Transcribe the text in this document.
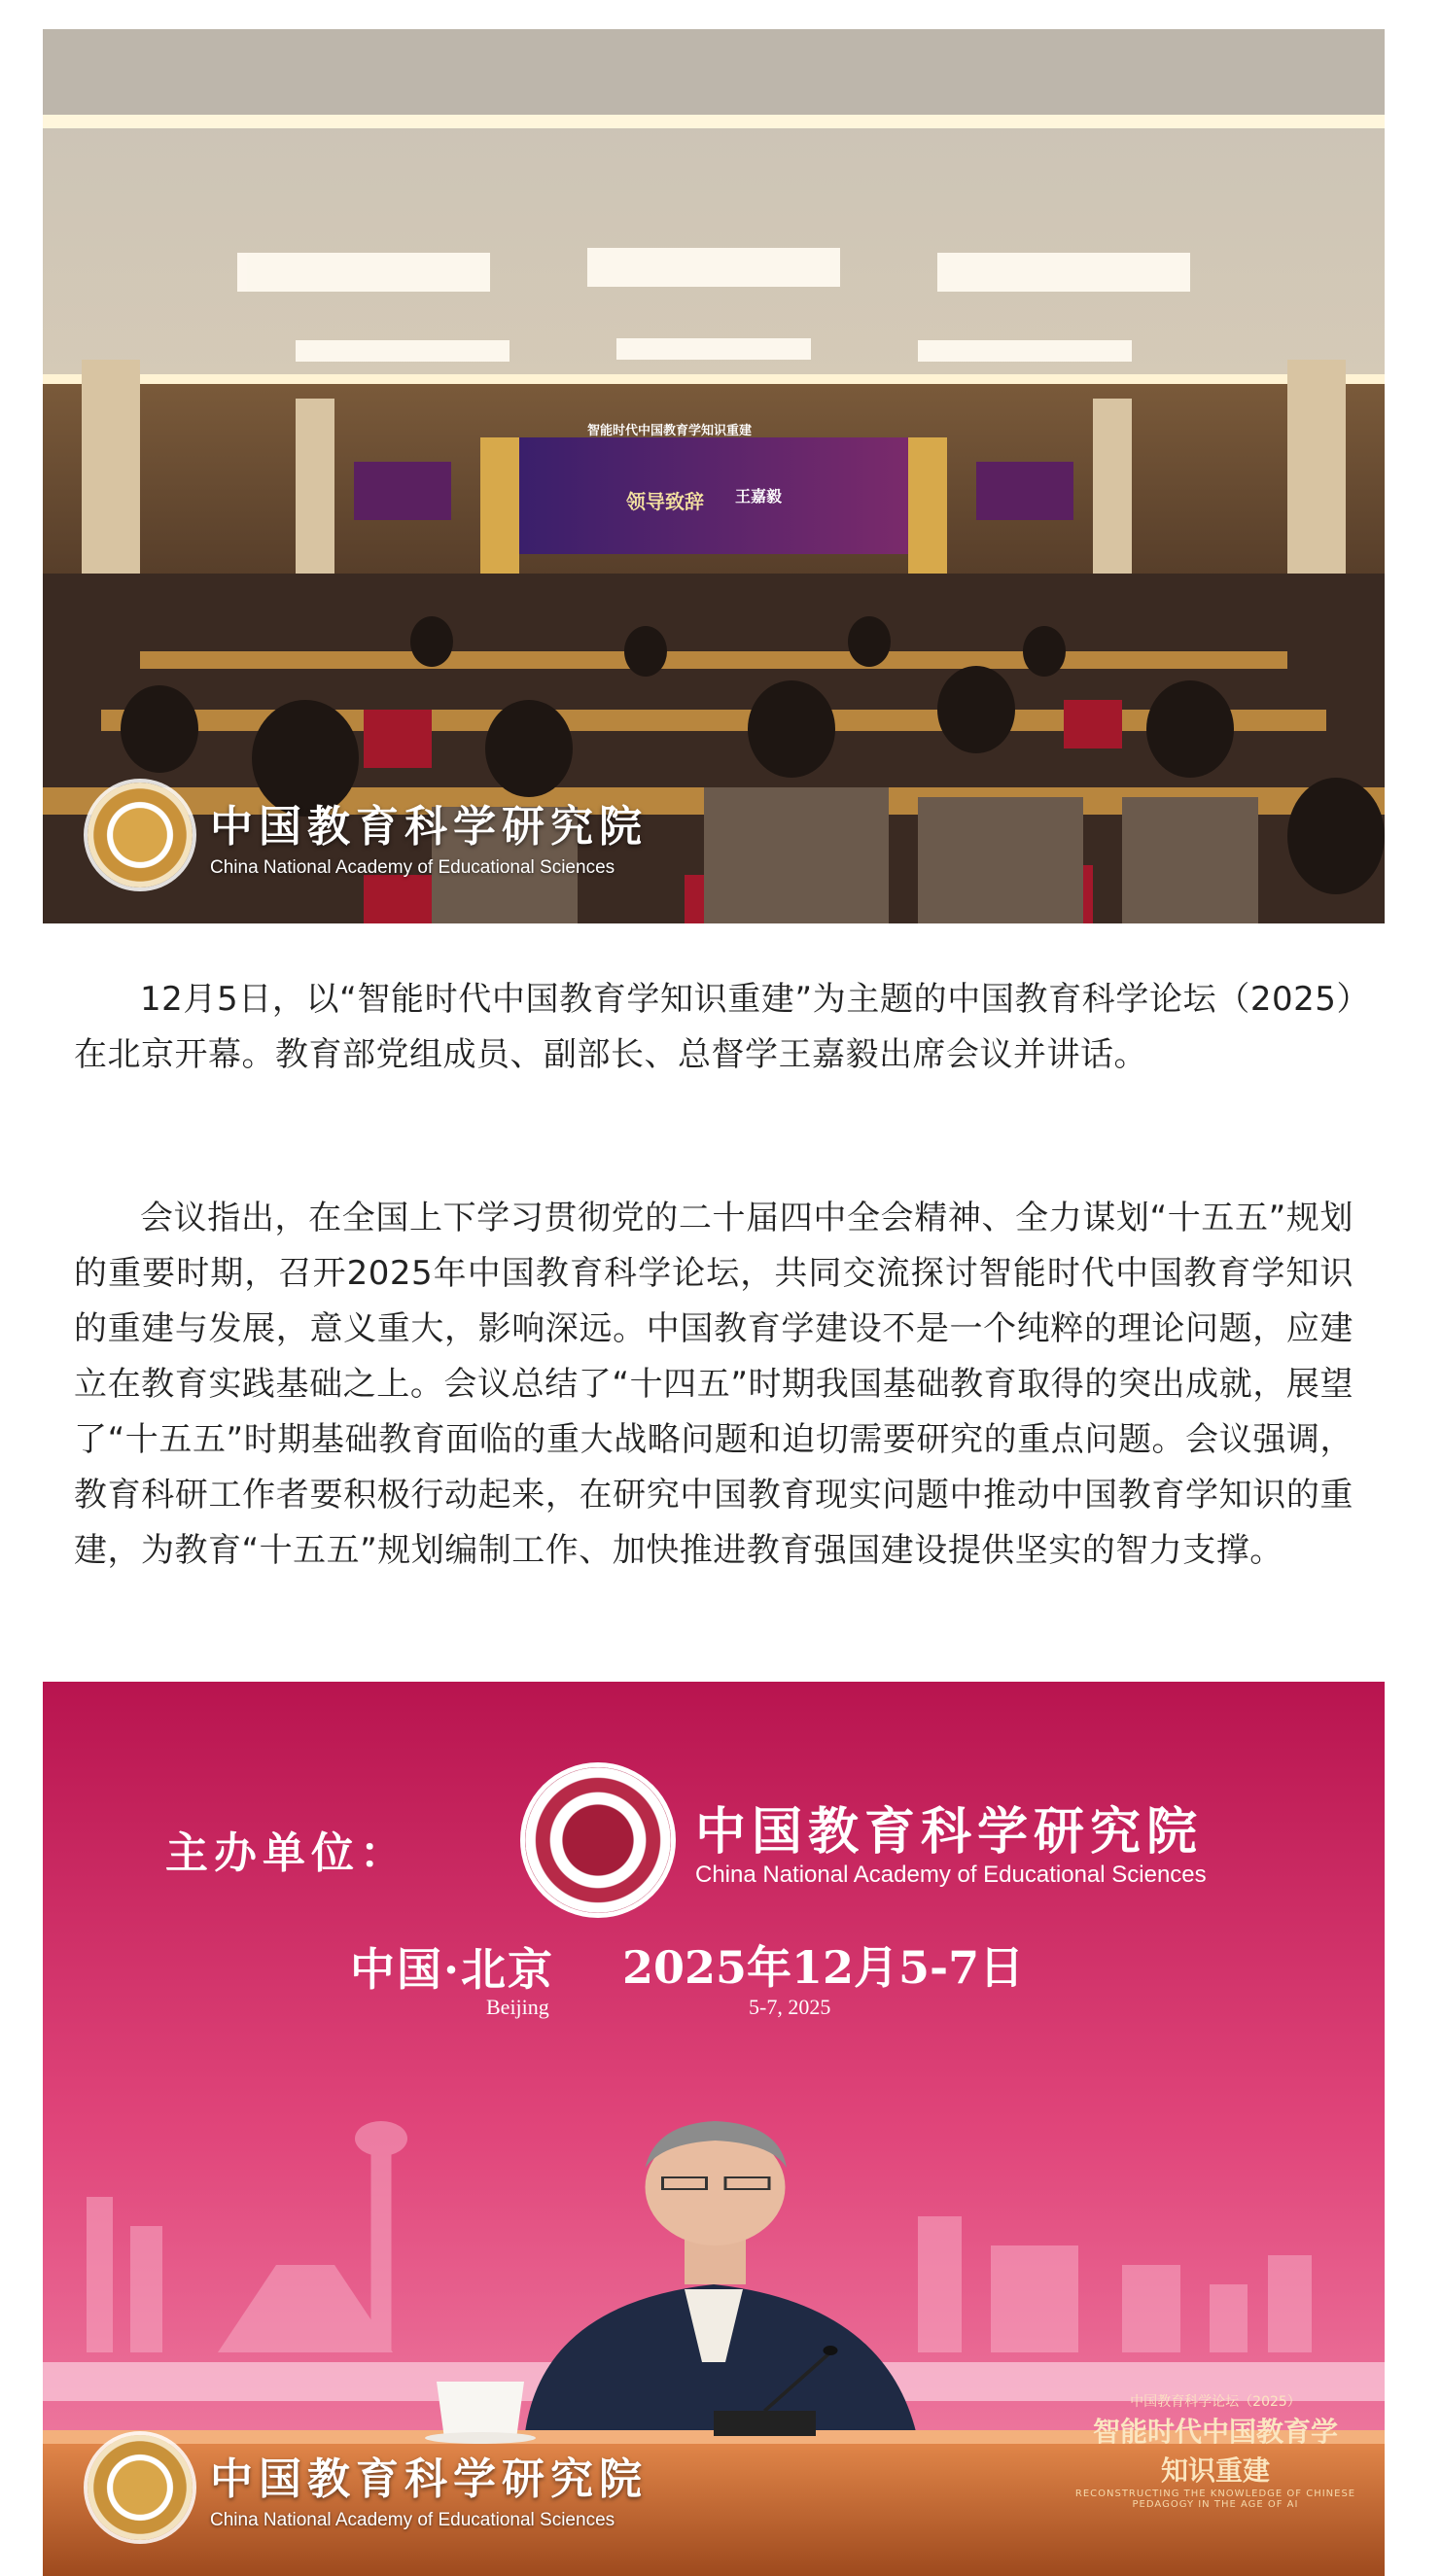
智能时代中国教育学知识重建
领导致辞 王嘉毅
中国教育科学研究院
China National Academy of Educational Sciences

12月5日，以“智能时代中国教育学知识重建”为主题的中国教育科学论坛（2025）在北京开幕。教育部党组成员、副部长、总督学王嘉毅出席会议并讲话。

会议指出，在全国上下学习贯彻党的二十届四中全会精神、全力谋划“十五五”规划的重要时期，召开2025年中国教育科学论坛，共同交流探讨智能时代中国教育学知识的重建与发展，意义重大，影响深远。中国教育学建设不是一个纯粹的理论问题，应建立在教育实践基础之上。会议总结了“十四五”时期我国基础教育取得的突出成就，展望了“十五五”时期基础教育面临的重大战略问题和迫切需要研究的重点问题。会议强调，教育科研工作者要积极行动起来，在研究中国教育现实问题中推动中国教育学知识的重建，为教育“十五五”规划编制工作、加快推进教育强国建设提供坚实的智力支撑。

主办单位：	中国教育科学研究院
China National Academy of Educational Sciences
中国·北京 2025年12月5-7日
Beijing	5-7, 2025
中国教育科学论坛（2025）
智能时代中国教育学
知识重建
RECONSTRUCTING THE KNOWLEDGE OF CHINESE PEDAGOGY IN THE AGE OF AI
中国教育科学研究院
China National Academy of Educational Sciences
